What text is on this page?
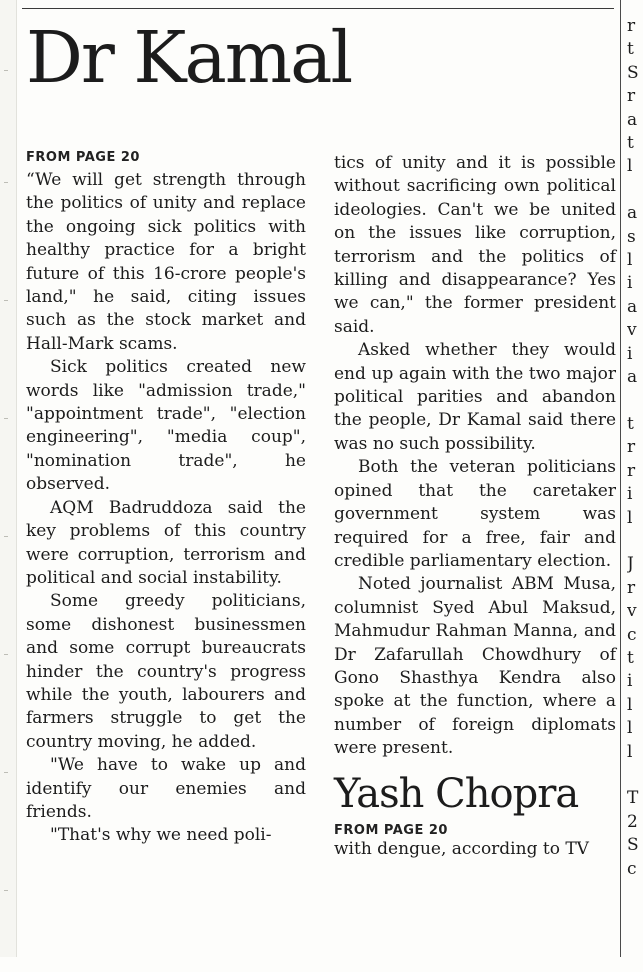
Dr Kamal
FROM PAGE 20

“We will get strength through the politics of unity and replace the ongoing sick politics with healthy practice for a bright future of this 16-crore people's land," he said, citing issues such as the stock market and Hall-Mark scams.

Sick politics created new words like "admission trade," "appointment trade", "election engineering", "media coup", "nomination trade", he observed.

AQM Badruddoza said the key problems of this country were corruption, terrorism and political and social instability.

Some greedy politicians, some dishonest businessmen and some corrupt bureaucrats hinder the country's progress while the youth, labourers and farmers struggle to get the country moving, he added.

"We have to wake up and identify our enemies and friends.

"That's why we need poli-

tics of unity and it is possible without sacrificing own political ideologies. Can't we be united on the issues like corruption, terrorism and the politics of killing and disappearance? Yes we can," the former president said.

Asked whether they would end up again with the two major political parities and abandon the people, Dr Kamal said there was no such possibility.

Both the veteran politicians opined that the caretaker government system was required for a free, fair and credible parliamentary election.

Noted journalist ABM Musa, columnist Syed Abul Maksud, Mahmudur Rahman Manna, and Dr Zafarullah Chowdhury of Gono Shasthya Kendra also spoke at the function, where a number of foreign diplomats were present.

Yash Chopra
FROM PAGE 20

with dengue, according to TV

r
t
S
r
a
t
l

a
s
l
i
a
v
i
a

t
r
r
i
l

J
r
v
c
t
i
l
l
l

T
2
S
c
